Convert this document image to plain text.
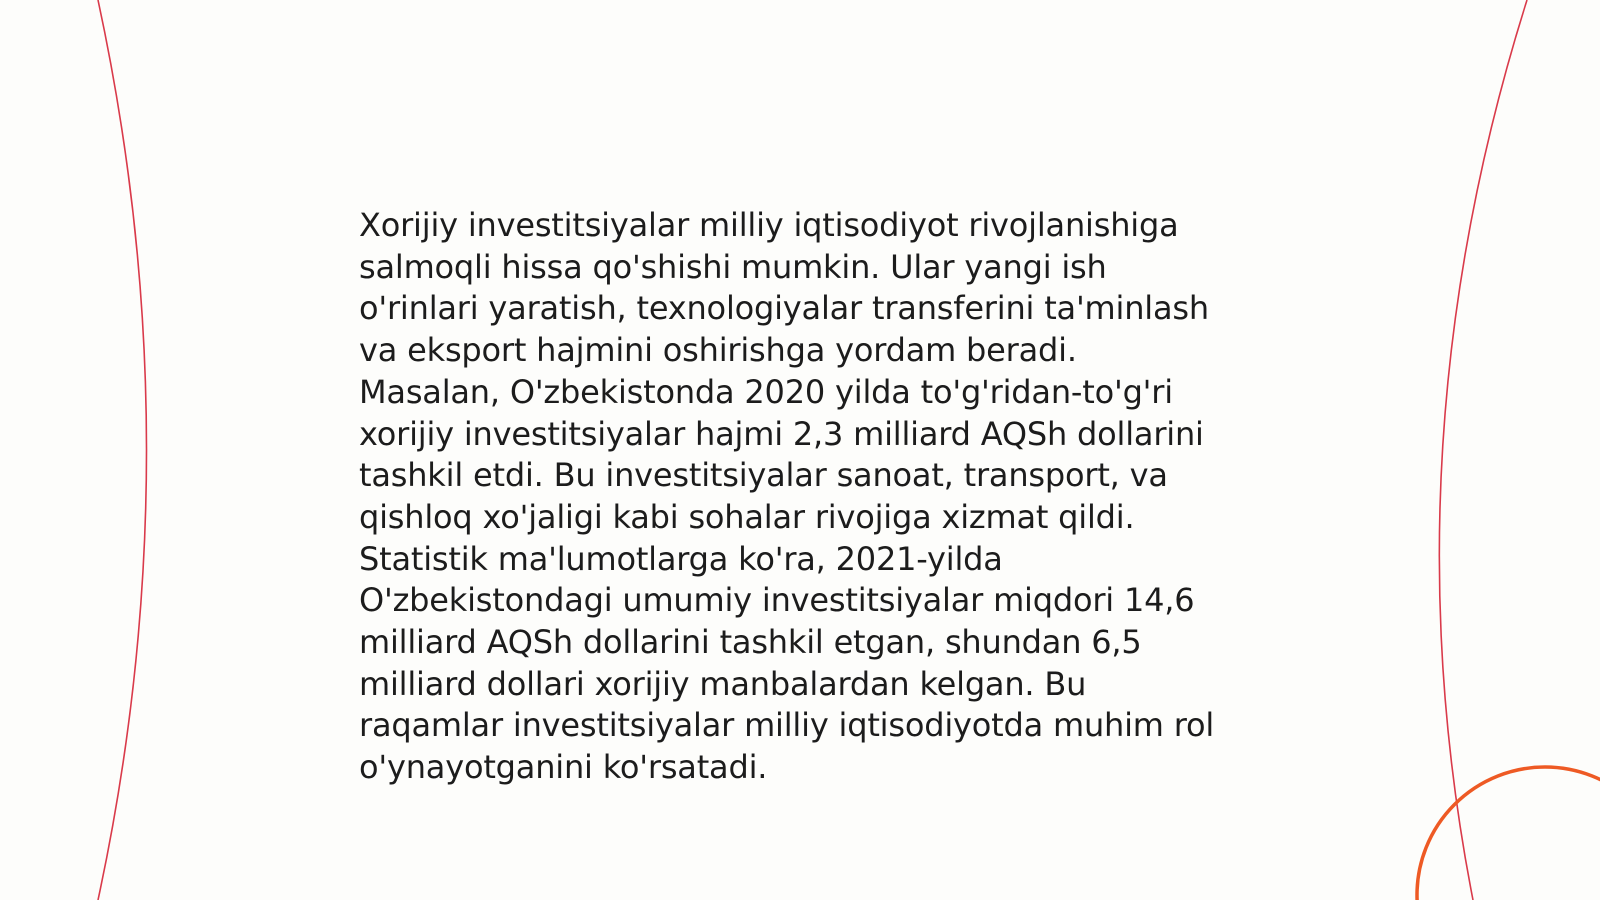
Xorijiy investitsiyalar milliy iqtisodiyot rivojlanishiga
salmoqli hissa qo'shishi mumkin. Ular yangi ish
o'rinlari yaratish, texnologiyalar transferini ta'minlash
va eksport hajmini oshirishga yordam beradi.
Masalan, O'zbekistonda 2020 yilda to'g'ridan-to'g'ri
xorijiy investitsiyalar hajmi 2,3 milliard AQSh dollarini
tashkil etdi. Bu investitsiyalar sanoat, transport, va
qishloq xo'jaligi kabi sohalar rivojiga xizmat qildi.
Statistik ma'lumotlarga ko'ra, 2021-yilda
O'zbekistondagi umumiy investitsiyalar miqdori 14,6
milliard AQSh dollarini tashkil etgan, shundan 6,5
milliard dollari xorijiy manbalardan kelgan. Bu
raqamlar investitsiyalar milliy iqtisodiyotda muhim rol
o'ynayotganini ko'rsatadi.
